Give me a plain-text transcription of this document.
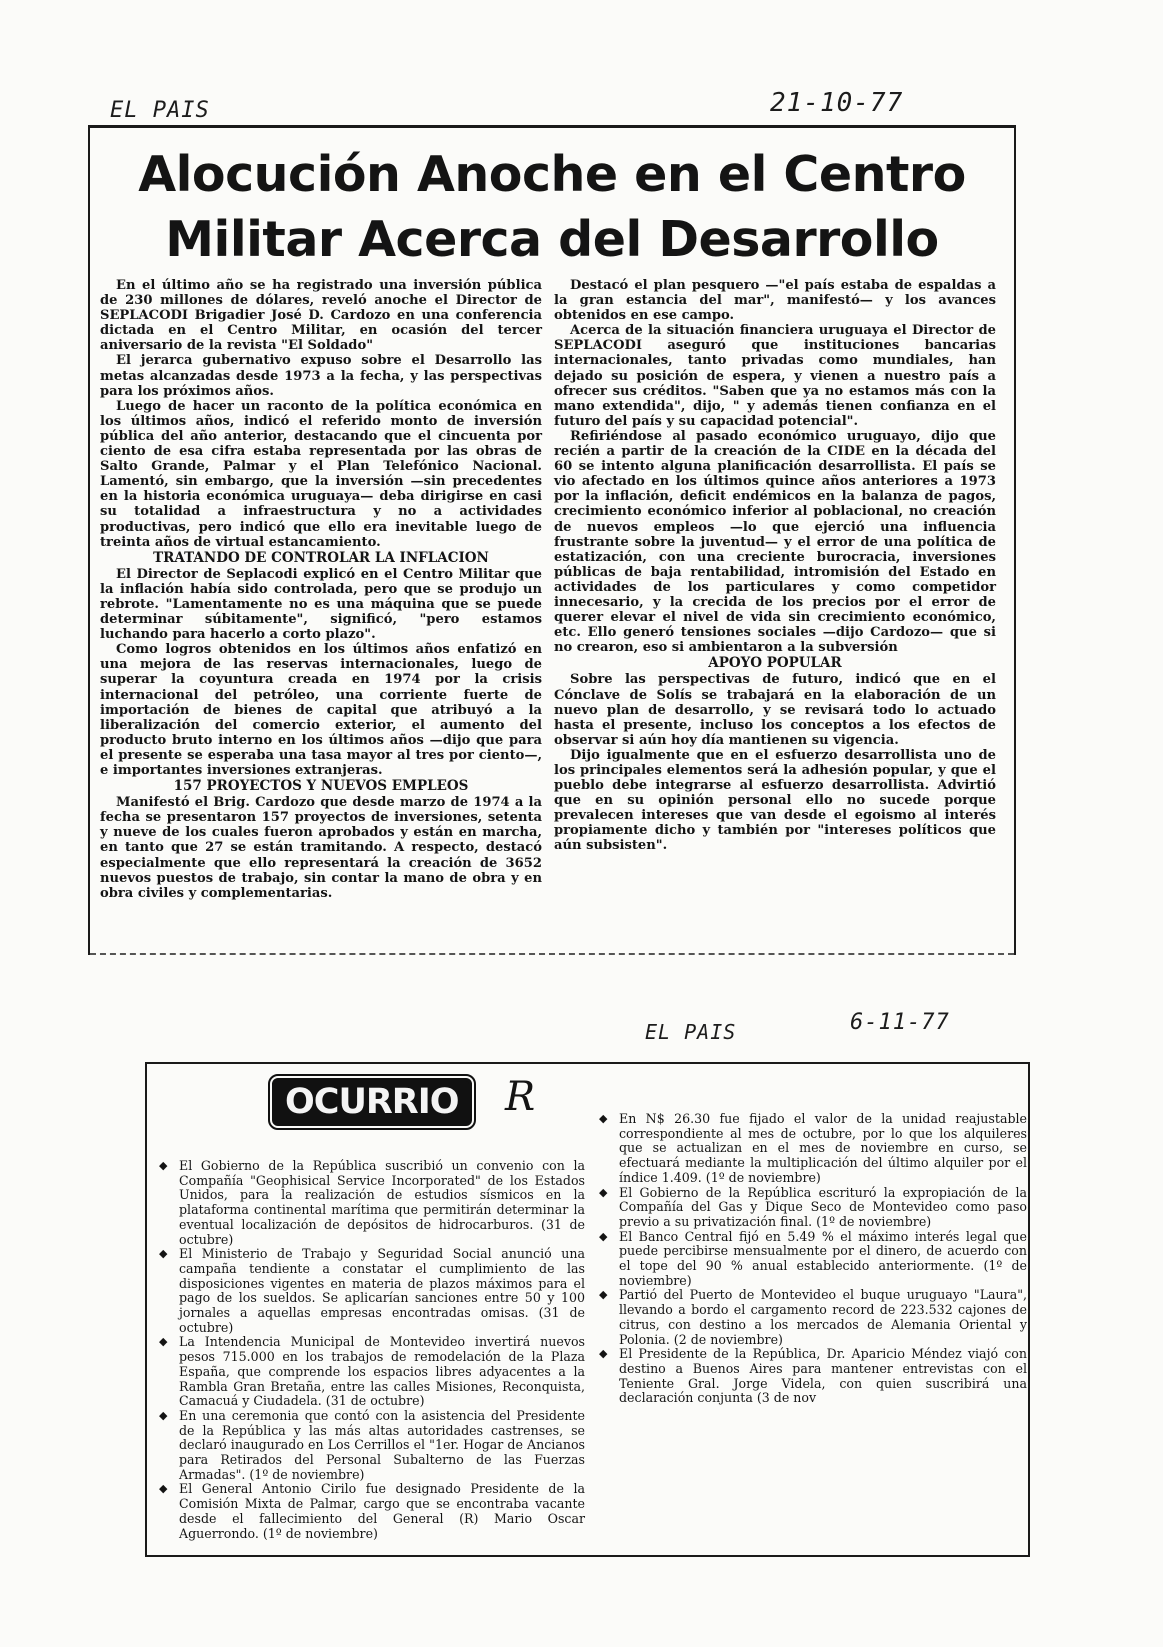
EL PAIS	21-10-77
Alocución Anoche en el Centro Militar Acerca del Desarrollo

En el último año se ha registrado una inversión pública de 230 millones de dólares, reveló anoche el Director de SEPLACODI Brigadier José D. Cardozo en una conferencia dictada en el Centro Militar, en ocasión del tercer aniversario de la revista "El Soldado"

El jerarca gubernativo expuso sobre el Desarrollo las metas alcanzadas desde 1973 a la fecha, y las perspectivas para los próximos años.

Luego de hacer un raconto de la política económica en los últimos años, indicó el referido monto de inversión pública del año anterior, destacando que el cincuenta por ciento de esa cifra estaba representada por las obras de Salto Grande, Palmar y el Plan Telefónico Nacional. Lamentó, sin embargo, que la inversión —sin precedentes en la historia económica uruguaya— deba dirigirse en casi su totalidad a infraestructura y no a actividades productivas, pero indicó que ello era inevitable luego de treinta años de virtual estancamiento.

TRATANDO DE CONTROLAR LA INFLACION

El Director de Seplacodi explicó en el Centro Militar que la inflación había sido controlada, pero que se produjo un rebrote. "Lamentamente no es una máquina que se puede determinar súbitamente", significó, "pero estamos luchando para hacerlo a corto plazo".

Como logros obtenidos en los últimos años enfatizó en una mejora de las reservas internacionales, luego de superar la coyuntura creada en 1974 por la crisis internacional del petróleo, una corriente fuerte de importación de bienes de capital que atribuyó a la liberalización del comercio exterior, el aumento del producto bruto interno en los últimos años —dijo que para el presente se esperaba una tasa mayor al tres por ciento—, e importantes inversiones extranjeras.

157 PROYECTOS Y NUEVOS EMPLEOS

Manifestó el Brig. Cardozo que desde marzo de 1974 a la fecha se presentaron 157 proyectos de inversiones, setenta y nueve de los cuales fueron aprobados y están en marcha, en tanto que 27 se están tramitando. A respecto, destacó especialmente que ello representará la creación de 3652 nuevos puestos de trabajo, sin contar la mano de obra y en obra civiles y complementarias.

Destacó el plan pesquero —"el país estaba de espaldas a la gran estancia del mar", manifestó— y los avances obtenidos en ese campo.

Acerca de la situación financiera uruguaya el Director de SEPLACODI aseguró que instituciones bancarias internacionales, tanto privadas como mundiales, han dejado su posición de espera, y vienen a nuestro país a ofrecer sus créditos. "Saben que ya no estamos más con la mano extendida", dijo, " y además tienen confianza en el futuro del país y su capacidad potencial".

Refiriéndose al pasado económico uruguayo, dijo que recién a partir de la creación de la CIDE en la década del 60 se intento alguna planificación desarrollista. El país se vio afectado en los últimos quince años anteriores a 1973 por la inflación, deficit endémicos en la balanza de pagos, crecimiento económico inferior al poblacional, no creación de nuevos empleos —lo que ejerció una influencia frustrante sobre la juventud— y el error de una política de estatización, con una creciente burocracia, inversiones públicas de baja rentabilidad, intromisión del Estado en actividades de los particulares y como competidor innecesario, y la crecida de los precios por el error de querer elevar el nivel de vida sin crecimiento económico, etc. Ello generó tensiones sociales —dijo Cardozo— que si no crearon, eso si ambientaron a la subversión

APOYO POPULAR

Sobre las perspectivas de futuro, indicó que en el Cónclave de Solís se trabajará en la elaboración de un nuevo plan de desarrollo, y se revisará todo lo actuado hasta el presente, incluso los conceptos a los efectos de observar si aún hoy día mantienen su vigencia.

Dijo igualmente que en el esfuerzo desarrollista uno de los principales elementos será la adhesión popular, y que el pueblo debe integrarse al esfuerzo desarrollista. Advirtió que en su opinión personal ello no sucede porque prevalecen intereses que van desde el egoismo al interés propiamente dicho y también por "intereses políticos que aún subsisten".

EL PAIS	6-11-77
OCURRIO	R

◆ El Gobierno de la República suscribió un convenio con la Compañía "Geophisical Service Incorporated" de los Estados Unidos, para la realización de estudios sísmicos en la plataforma continental marítima que permitirán determinar la eventual localización de depósitos de hidrocarburos. (31 de octubre)

◆ El Ministerio de Trabajo y Seguridad Social anunció una campaña tendiente a constatar el cumplimiento de las disposiciones vigentes en materia de plazos máximos para el pago de los sueldos. Se aplicarían sanciones entre 50 y 100 jornales a aquellas empresas encontradas omisas. (31 de octubre)

◆ La Intendencia Municipal de Montevideo invertirá nuevos pesos 715.000 en los trabajos de remodelación de la Plaza España, que comprende los espacios libres adyacentes a la Rambla Gran Bretaña, entre las calles Misiones, Reconquista, Camacuá y Ciudadela. (31 de octubre)

◆ En una ceremonia que contó con la asistencia del Presidente de la República y las más altas autoridades castrenses, se declaró inaugurado en Los Cerrillos el "1er. Hogar de Ancianos para Retirados del Personal Subalterno de las Fuerzas Armadas". (1º de noviembre)

◆ El General Antonio Cirilo fue designado Presidente de la Comisión Mixta de Palmar, cargo que se encontraba vacante desde el fallecimiento del General (R) Mario Oscar Aguerrondo. (1º de noviembre)

◆ En N$ 26.30 fue fijado el valor de la unidad reajustable correspondiente al mes de octubre, por lo que los alquileres que se actualizan en el mes de noviembre en curso, se efectuará mediante la multiplicación del último alquiler por el índice 1.409. (1º de noviembre)

◆ El Gobierno de la República escrituró la expropiación de la Compañía del Gas y Dique Seco de Montevideo como paso previo a su privatización final. (1º de noviembre)

◆ El Banco Central fijó en 5.49 % el máximo interés legal que puede percibirse mensualmente por el dinero, de acuerdo con el tope del 90 % anual establecido anteriormente. (1º de noviembre)

◆ Partió del Puerto de Montevideo el buque uruguayo "Laura", llevando a bordo el cargamento record de 223.532 cajones de citrus, con destino a los mercados de Alemania Oriental y Polonia. (2 de noviembre)

◆ El Presidente de la República, Dr. Aparicio Méndez viajó con destino a Buenos Aires para mantener entrevistas con el Teniente Gral. Jorge Videla, con quien suscribirá una declaración conjunta (3 de nov
